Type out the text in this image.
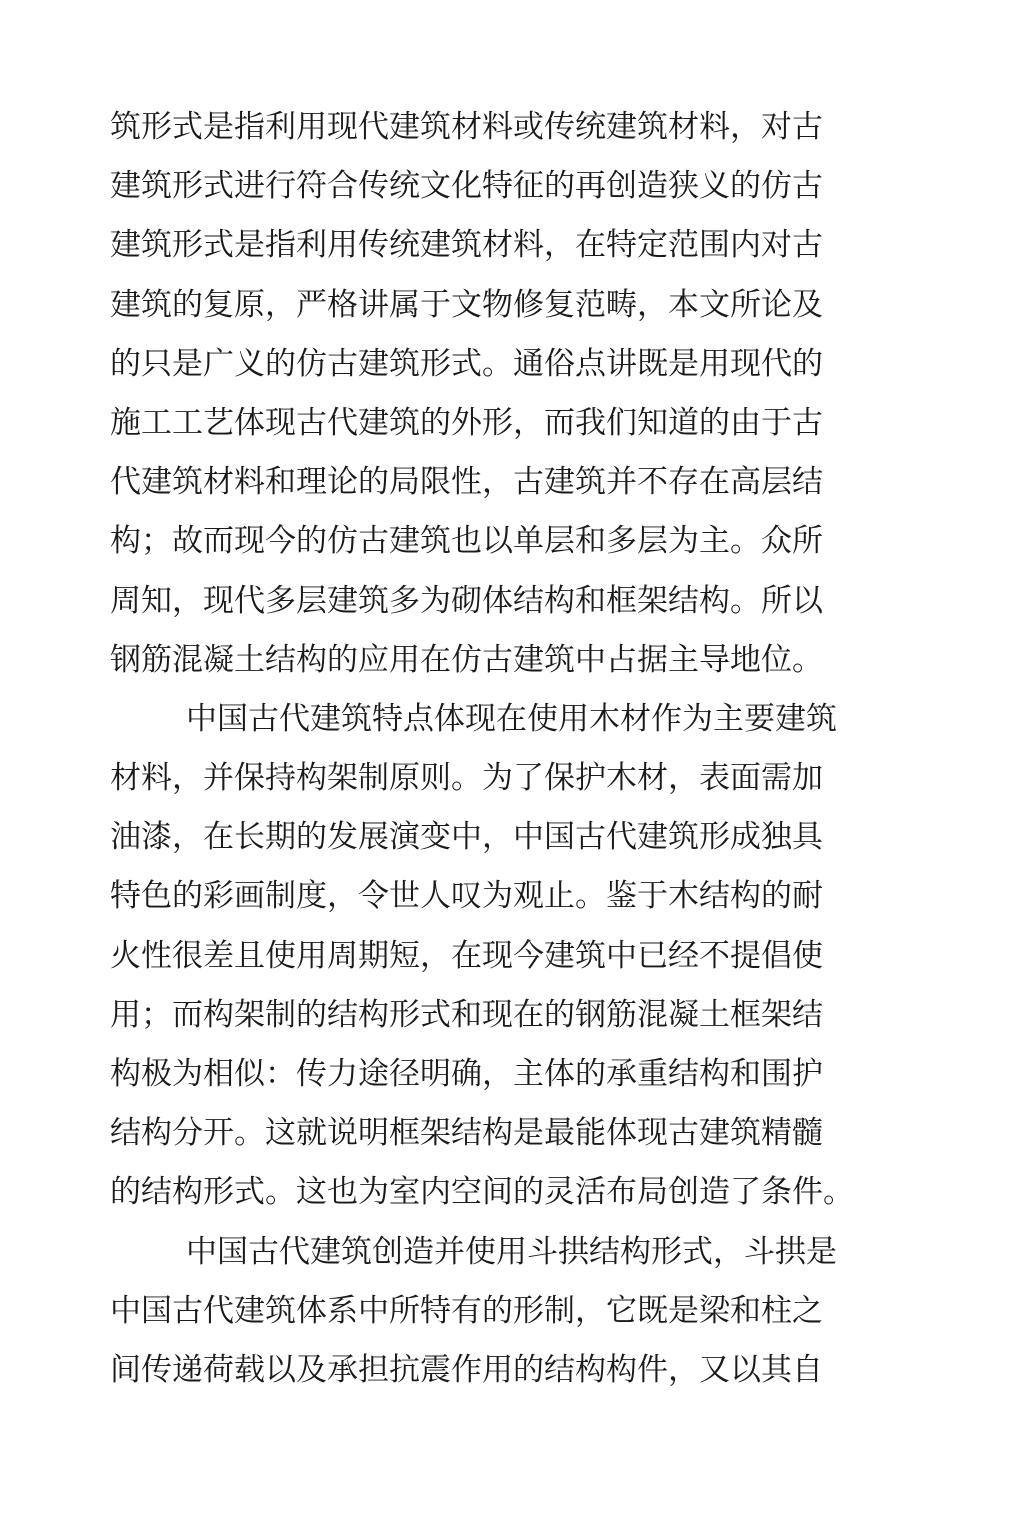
筑形式是指利用现代建筑材料或传统建筑材料，对古
建筑形式进行符合传统文化特征的再创造狭义的仿古
建筑形式是指利用传统建筑材料，在特定范围内对古
建筑的复原，严格讲属于文物修复范畴，本文所论及
的只是广义的仿古建筑形式。通俗点讲既是用现代的
施工工艺体现古代建筑的外形，而我们知道的由于古
代建筑材料和理论的局限性，古建筑并不存在高层结
构；故而现今的仿古建筑也以单层和多层为主。众所
周知，现代多层建筑多为砌体结构和框架结构。所以
钢筋混凝土结构的应用在仿古建筑中占据主导地位。
中国古代建筑特点体现在使用木材作为主要建筑
材料，并保持构架制原则。为了保护木材，表面需加
油漆，在长期的发展演变中，中国古代建筑形成独具
特色的彩画制度，令世人叹为观止。鉴于木结构的耐
火性很差且使用周期短，在现今建筑中已经不提倡使
用；而构架制的结构形式和现在的钢筋混凝土框架结
构极为相似：传力途径明确，主体的承重结构和围护
结构分开。这就说明框架结构是最能体现古建筑精髓
的结构形式。这也为室内空间的灵活布局创造了条件。
中国古代建筑创造并使用斗拱结构形式，斗拱是
中国古代建筑体系中所特有的形制，它既是梁和柱之
间传递荷载以及承担抗震作用的结构构件，又以其自
